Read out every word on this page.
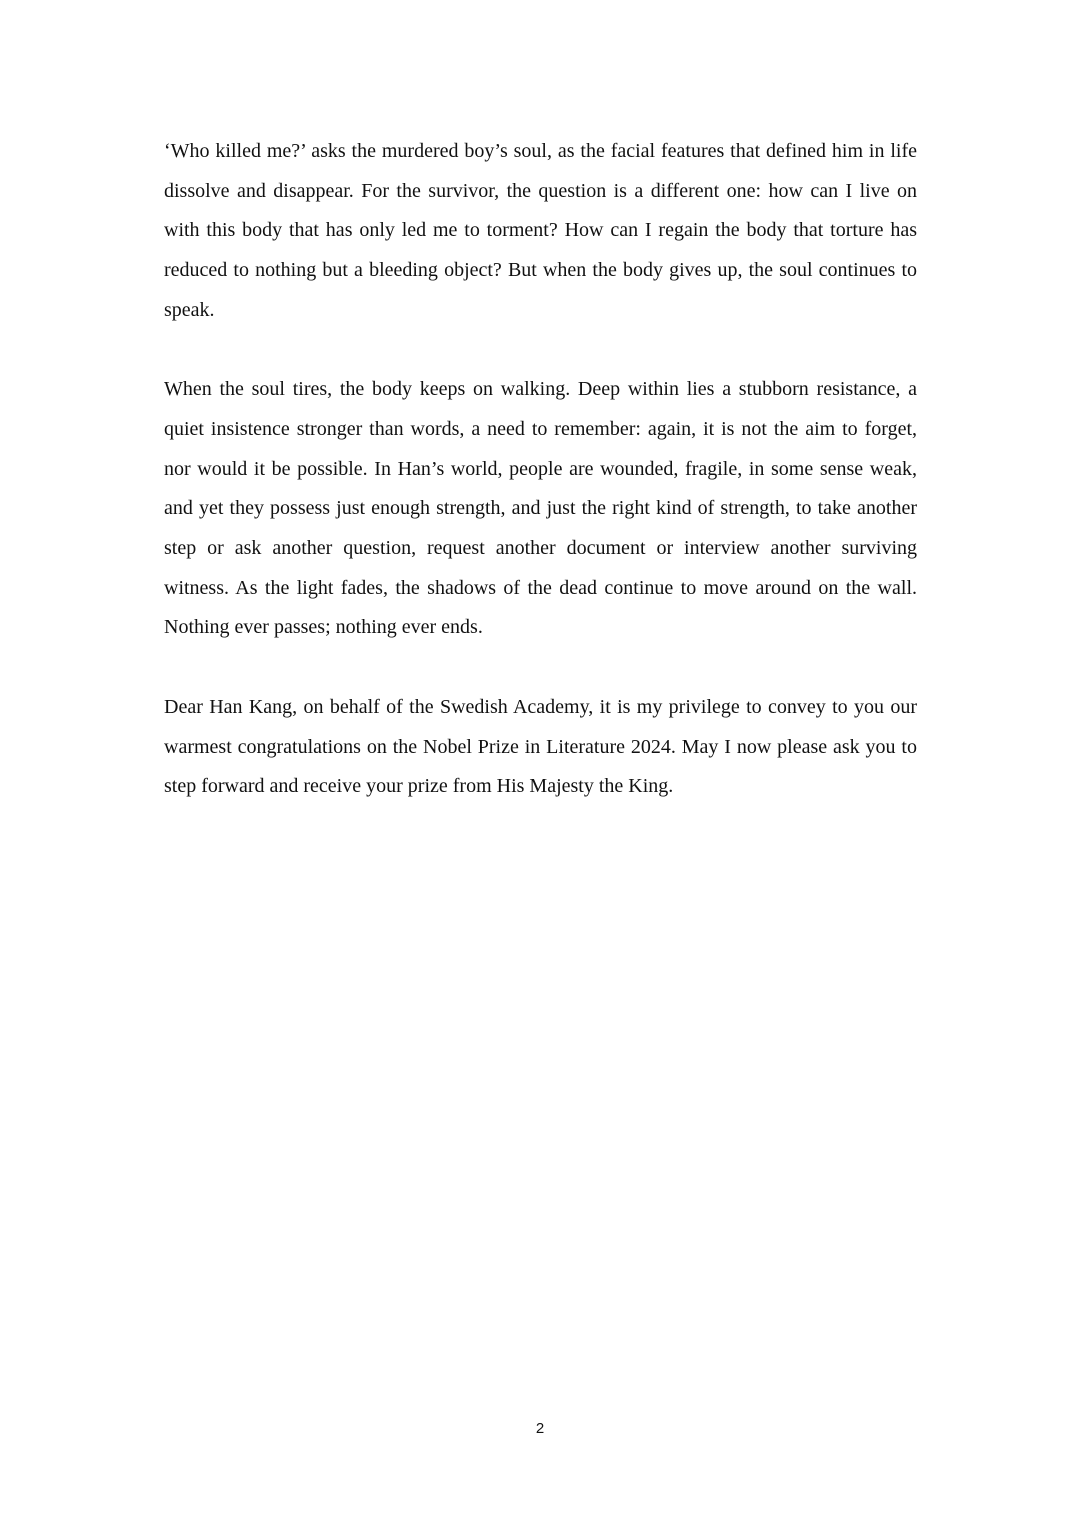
‘Who killed me?’ asks the murdered boy’s soul, as the facial features that defined him in life dissolve and disappear. For the survivor, the question is a different one: how can I live on with this body that has only led me to torment? How can I regain the body that torture has reduced to nothing but a bleeding object? But when the body gives up, the soul continues to speak.

When the soul tires, the body keeps on walking. Deep within lies a stubborn resistance, a quiet insistence stronger than words, a need to remember: again, it is not the aim to forget, nor would it be possible. In Han’s world, people are wounded, fragile, in some sense weak, and yet they possess just enough strength, and just the right kind of strength, to take another step or ask another question, request another document or interview another surviving witness. As the light fades, the shadows of the dead continue to move around on the wall. Nothing ever passes; nothing ever ends.

Dear Han Kang, on behalf of the Swedish Academy, it is my privilege to convey to you our warmest congratulations on the Nobel Prize in Literature 2024. May I now please ask you to step forward and receive your prize from His Majesty the King.

2
